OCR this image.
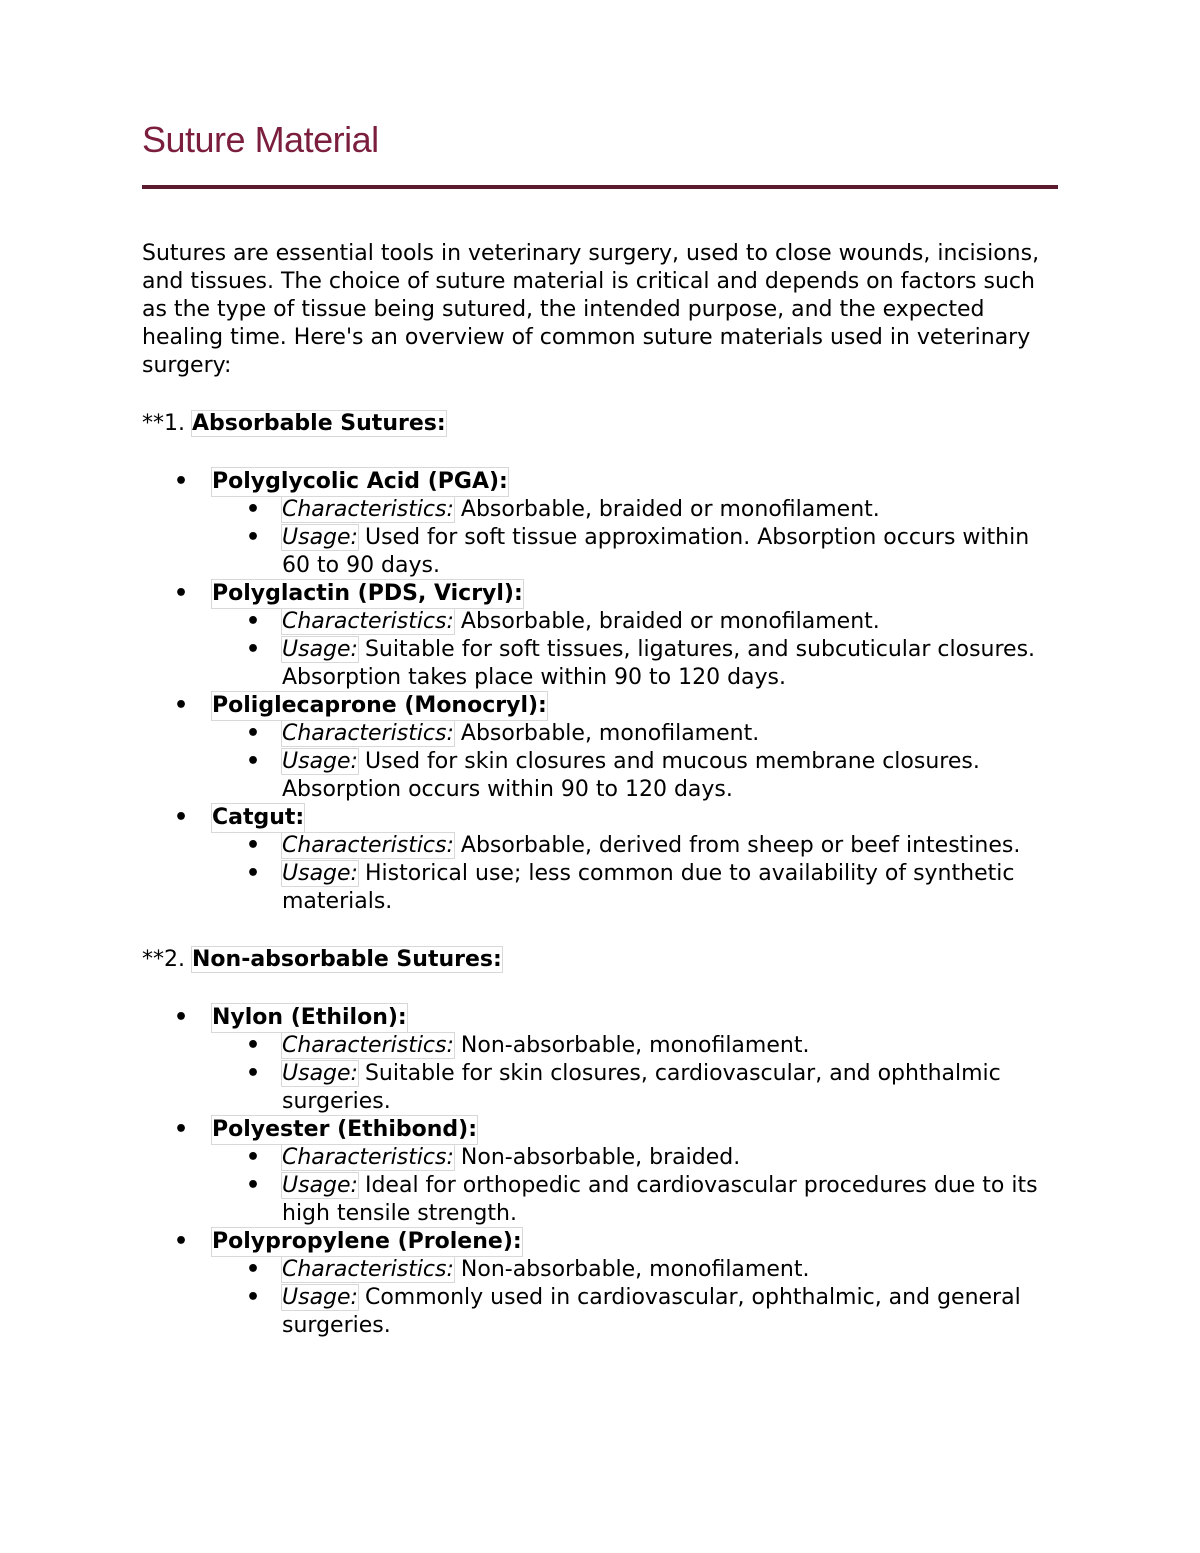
Suture Material

Sutures are essential tools in veterinary surgery, used to close wounds, incisions, and tissues. The choice of suture material is critical and depends on factors such as the type of tissue being sutured, the intended purpose, and the expected healing time. Here's an overview of common suture materials used in veterinary surgery:

**1. Absorbable Sutures:

• Polyglycolic Acid (PGA):
• Characteristics: Absorbable, braided or monofilament.
• Usage: Used for soft tissue approximation. Absorption occurs within 60 to 90 days.
• Polyglactin (PDS, Vicryl):
• Characteristics: Absorbable, braided or monofilament.
• Usage: Suitable for soft tissues, ligatures, and subcuticular closures. Absorption takes place within 90 to 120 days.
• Poliglecaprone (Monocryl):
• Characteristics: Absorbable, monofilament.
• Usage: Used for skin closures and mucous membrane closures. Absorption occurs within 90 to 120 days.
• Catgut:
• Characteristics: Absorbable, derived from sheep or beef intestines.
• Usage: Historical use; less common due to availability of synthetic materials.

**2. Non-absorbable Sutures:

• Nylon (Ethilon):
• Characteristics: Non-absorbable, monofilament.
• Usage: Suitable for skin closures, cardiovascular, and ophthalmic surgeries.
• Polyester (Ethibond):
• Characteristics: Non-absorbable, braided.
• Usage: Ideal for orthopedic and cardiovascular procedures due to its high tensile strength.
• Polypropylene (Prolene):
• Characteristics: Non-absorbable, monofilament.
• Usage: Commonly used in cardiovascular, ophthalmic, and general surgeries.
